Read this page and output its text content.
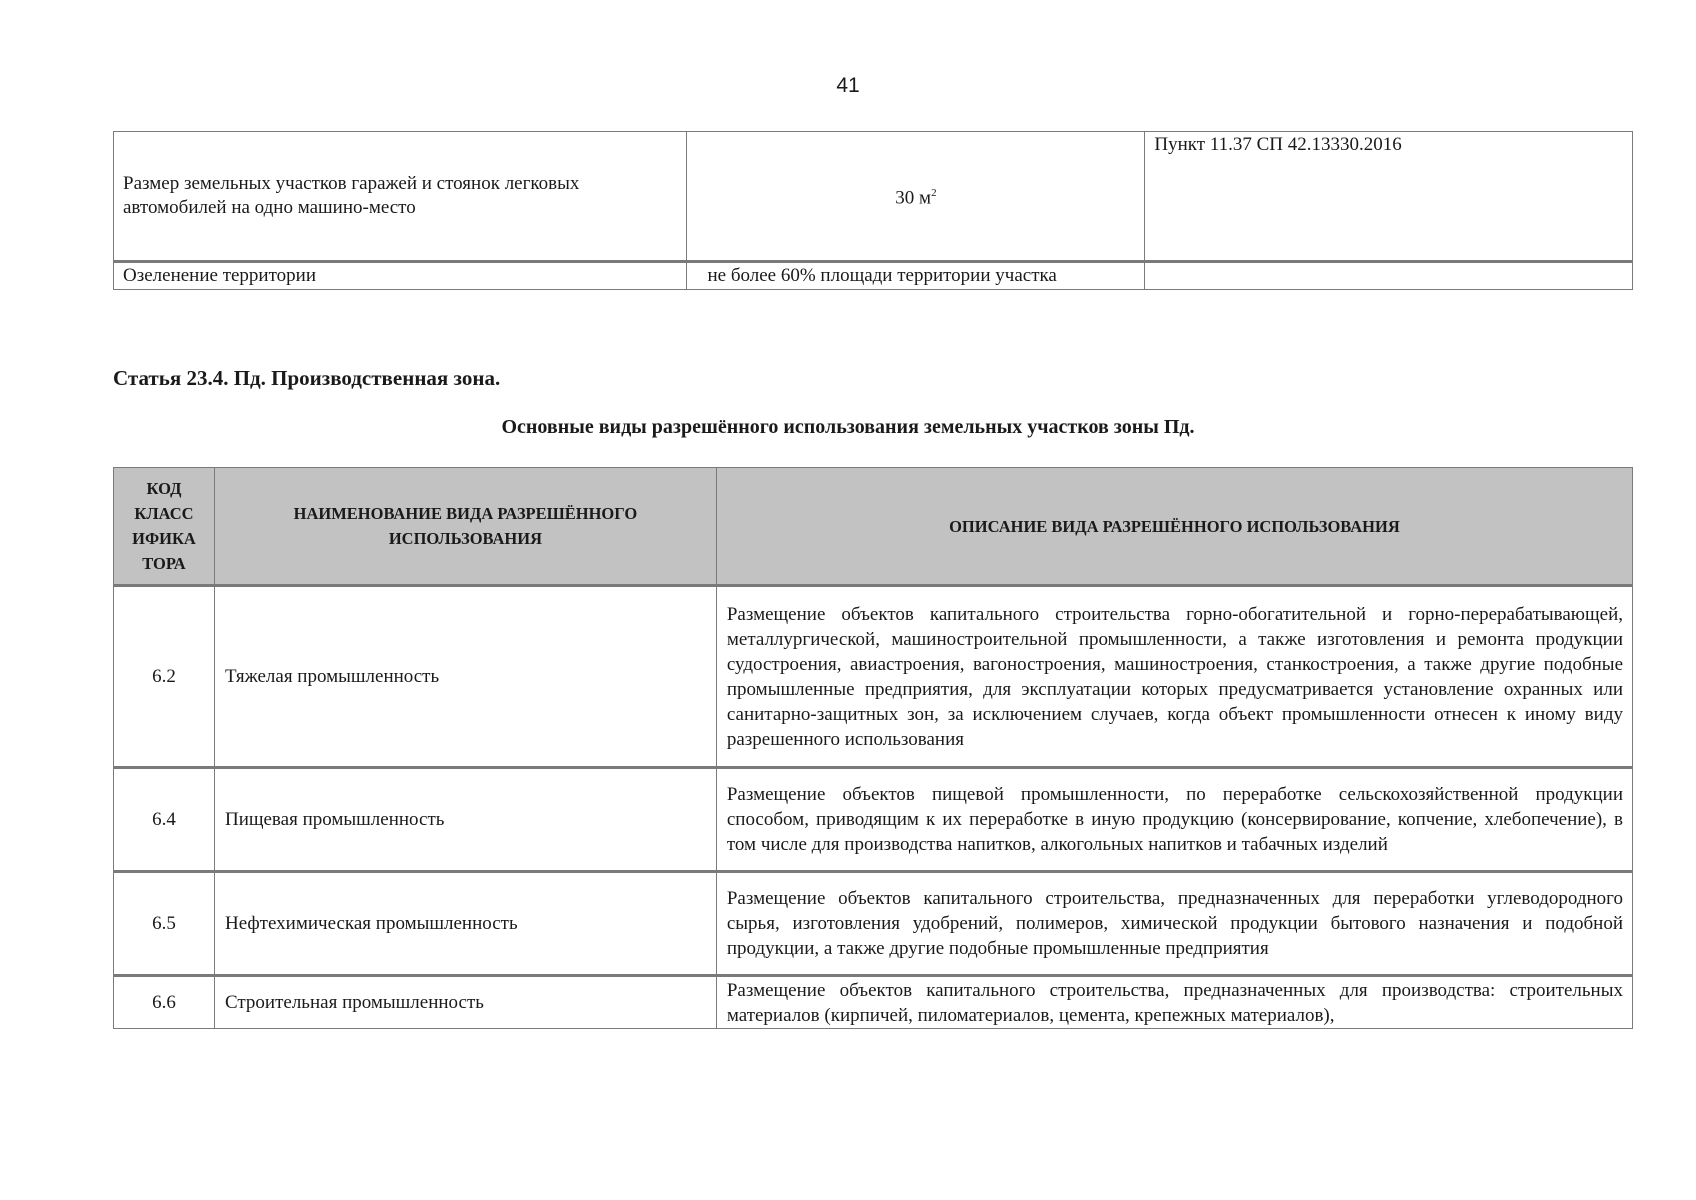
41
Размер земельных участков гаражей и стоянок легковых автомобилей на одно машино-место	30 $м^2$	Пункт 11.37 СП 42.13330.2016
Озеленение территории	не более 60% площади территории участка	
Статья 23.4. Пд. Производственная зона.
Основные виды разрешённого использования земельных участков зоны Пд.
КОД КЛАСС ИФИКА ТОРА	НАИМЕНОВАНИЕ ВИДА РАЗРЕШЁННОГО ИСПОЛЬЗОВАНИЯ	ОПИСАНИЕ ВИДА РАЗРЕШЁННОГО ИСПОЛЬЗОВАНИЯ
6.2	Тяжелая промышленность	Размещение объектов капитального строительства горно-обогатительной и горно-перерабатывающей, металлургической, машиностроительной промышленности, а также изготовления и ремонта продукции судостроения, авиастроения, вагоностроения, машиностроения, станкостроения, а также другие подобные промышленные предприятия, для эксплуатации которых предусматривается установление охранных или санитарно-защитных зон, за исключением случаев, когда объект промышленности отнесен к иному виду разрешенного использования
6.4	Пищевая промышленность	Размещение объектов пищевой промышленности, по переработке сельскохозяйственной продукции способом, приводящим к их переработке в иную продукцию (консервирование, копчение, хлебопечение), в том числе для производства напитков, алкогольных напитков и табачных изделий
6.5	Нефтехимическая промышленность	Размещение объектов капитального строительства, предназначенных для переработки углеводородного сырья, изготовления удобрений, полимеров, химической продукции бытового назначения и подобной продукции, а также другие подобные промышленные предприятия
6.6	Строительная промышленность	Размещение объектов капитального строительства, предназначенных для производства: строительных материалов (кирпичей, пиломатериалов, цемента, крепежных материалов),
